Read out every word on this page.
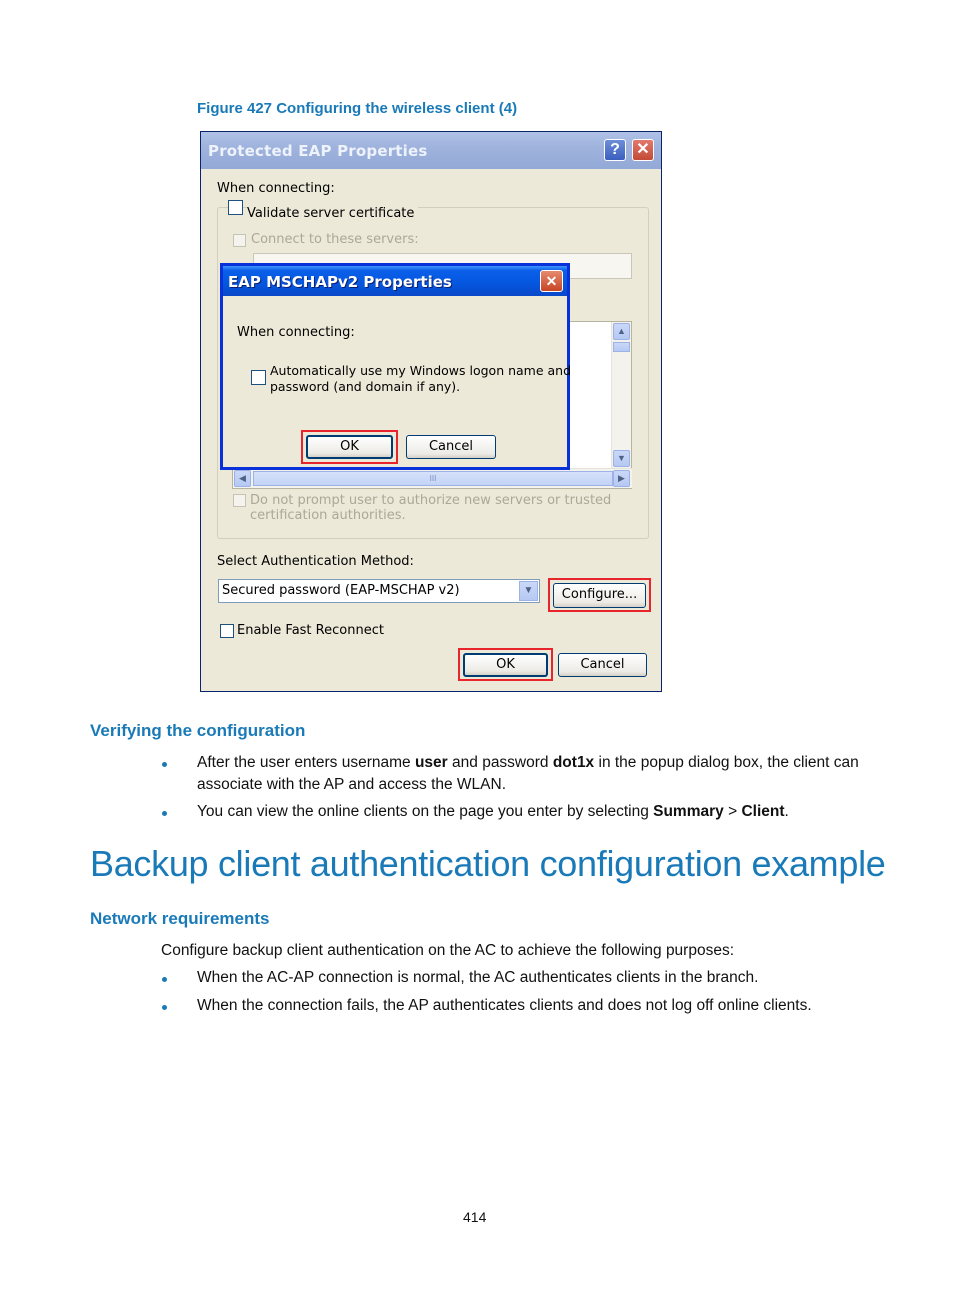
Figure 427 Configuring the wireless client (4)
Protected EAP Properties	?	✕
When connecting:
Validate server certificate
Connect to these servers:
▲
▼
◀	III	▶
Do not prompt user to authorize new servers or trusted
certification authorities.
Select Authentication Method:
Secured password (EAP-MSCHAP v2)	▼	Configure...
Enable Fast Reconnect
OK	Cancel
EAP MSCHAPv2 Properties	✕
When connecting:
Automatically use my Windows logon name and
password (and domain if any).
OK	Cancel
Verifying the configuration
After the user enters username user and password dot1x in the popup dialog box, the client can
associate with the AP and access the WLAN.
You can view the online clients on the page you enter by selecting Summary > Client.
Backup client authentication configuration example
Network requirements
Configure backup client authentication on the AC to achieve the following purposes:
When the AC-AP connection is normal, the AC authenticates clients in the branch.
When the connection fails, the AP authenticates clients and does not log off online clients.
414
